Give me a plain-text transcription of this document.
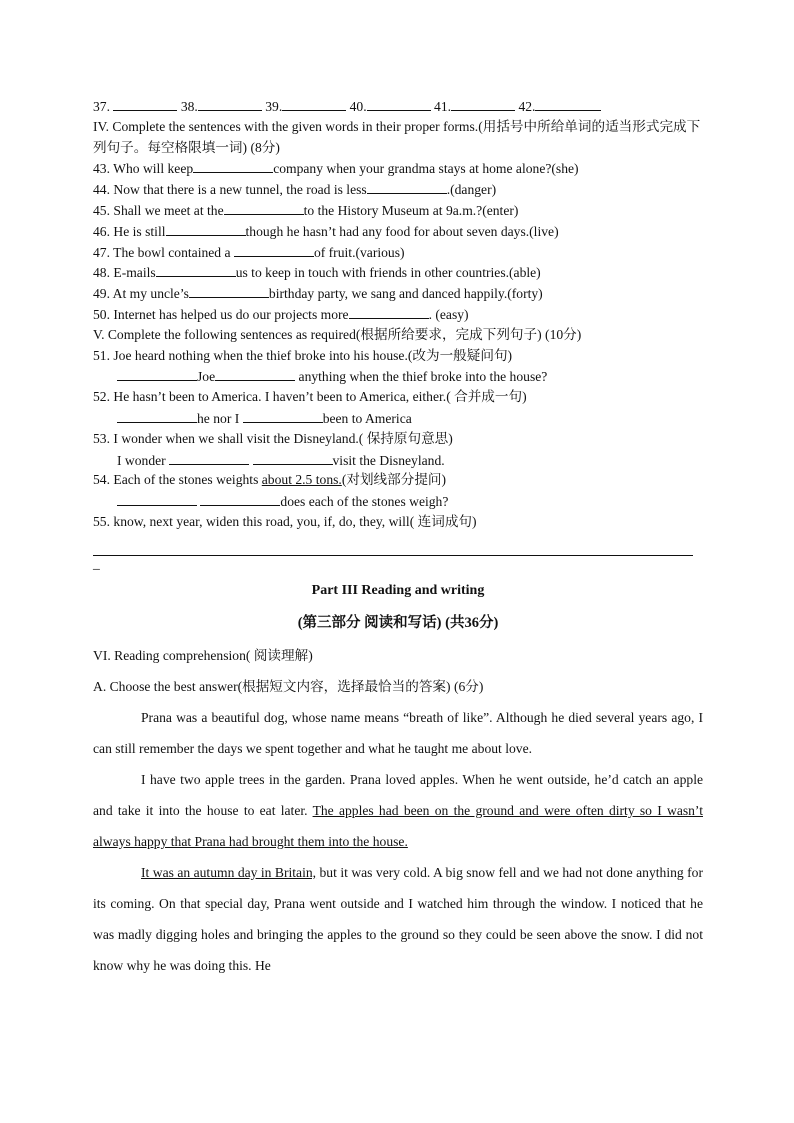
37.	38.	39.	40.	41.	42.
IV. Complete the sentences with the given words in their proper forms.(用括号中所给单词的适当形式完成下列句子。每空格限填一词) (8分)
43. Who will keep	company when your grandma stays at home alone?(she)
44. Now that there is a new tunnel, the road is less	.(danger)
45. Shall we meet at the	to the History Museum at 9a.m.?(enter)
46. He is still	though he hasn’t had any food for about seven days.(live)
47. The bowl contained a	of fruit.(various)
48. E-mails	us to keep in touch with friends in other countries.(able)
49. At my uncle’s	birthday party, we sang and danced happily.(forty)
50. Internet has helped us do our projects more	. (easy)
V. Complete the following sentences as required(根据所给要求，完成下列句子) (10分)
51. Joe heard nothing when the thief broke into his house.(改为一般疑问句)
Joe	anything when the thief broke into the house?
52. He hasn’t been to America. I haven’t been to America, either.( 合并成一句)
he nor I	been to America
53. I wonder when we shall visit the Disneyland.( 保持原句意思)
I wonder	visit the Disneyland.
54. Each of the stones weights about 2.5 tons.(对划线部分提问)
does each of the stones weigh?
55. know, next year, widen this road, you, if, do, they, will( 连词成句)
_
Part III Reading and writing
(第三部分 阅读和写话) (共36分)
VI. Reading comprehension( 阅读理解)
A. Choose the best answer(根据短文内容，选择最恰当的答案) (6分)

Prana was a beautiful dog, whose name means “breath of like”. Although he died several years ago, I can still remember the days we spent together and what he taught me about love.

I have two apple trees in the garden. Prana loved apples. When he went outside, he’d catch an apple and take it into the house to eat later. The apples had been on the ground and were often dirty so I wasn’t always happy that Prana had brought them into the house.

It was an autumn day in Britain, but it was very cold. A big snow fell and we had not done anything for its coming. On that special day, Prana went outside and I watched him through the window. I noticed that he was madly digging holes and bringing the apples to the ground so they could be seen above the snow. I did not know why he was doing this. He
